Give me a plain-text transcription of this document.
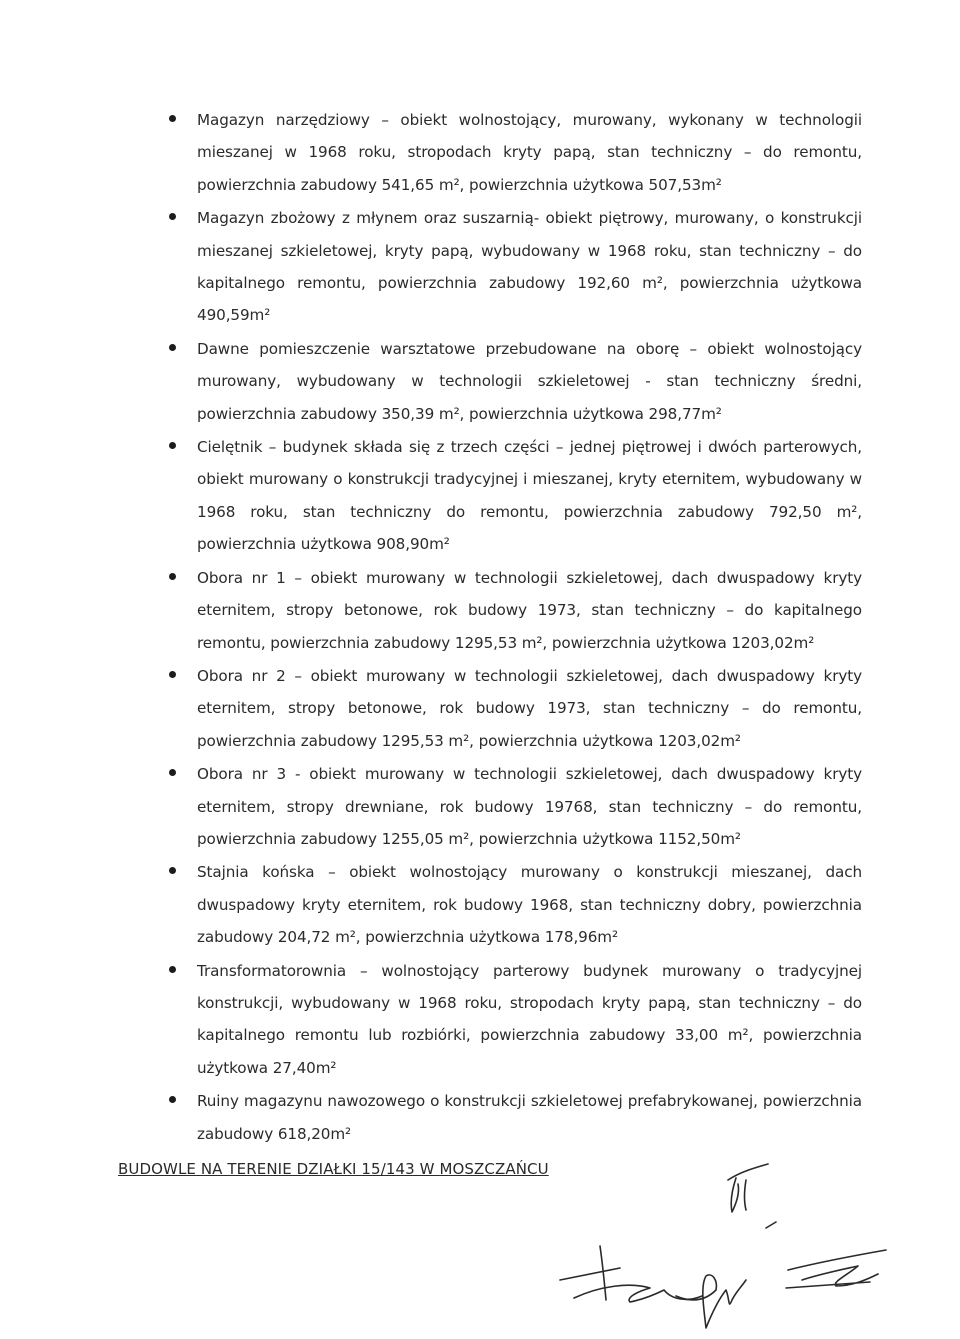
Magazyn narzędziowy – obiekt wolnostojący, murowany, wykonany w technologii mieszanej w 1968 roku, stropodach kryty papą, stan techniczny – do remontu, powierzchnia zabudowy 541,65 m², powierzchnia użytkowa 507,53m²
Magazyn zbożowy z młynem oraz suszarnią- obiekt piętrowy, murowany, o konstrukcji mieszanej szkieletowej, kryty papą, wybudowany w 1968 roku, stan techniczny – do kapitalnego remontu, powierzchnia zabudowy 192,60 m², powierzchnia użytkowa 490,59m²
Dawne pomieszczenie warsztatowe przebudowane na oborę – obiekt wolnostojący murowany, wybudowany w technologii szkieletowej - stan techniczny średni, powierzchnia zabudowy 350,39 m², powierzchnia użytkowa 298,77m²
Cielętnik – budynek składa się z trzech części – jednej piętrowej i dwóch parterowych, obiekt murowany o konstrukcji tradycyjnej i mieszanej, kryty eternitem, wybudowany w 1968 roku, stan techniczny do remontu, powierzchnia zabudowy 792,50 m², powierzchnia użytkowa 908,90m²
Obora nr 1 – obiekt murowany w technologii szkieletowej, dach dwuspadowy kryty eternitem, stropy betonowe, rok budowy 1973, stan techniczny – do kapitalnego remontu, powierzchnia zabudowy 1295,53 m², powierzchnia użytkowa 1203,02m²
Obora nr 2 – obiekt murowany w technologii szkieletowej, dach dwuspadowy kryty eternitem, stropy betonowe, rok budowy 1973, stan techniczny – do remontu, powierzchnia zabudowy 1295,53 m², powierzchnia użytkowa 1203,02m²
Obora nr 3 - obiekt murowany w technologii szkieletowej, dach dwuspadowy kryty eternitem, stropy drewniane, rok budowy 19768, stan techniczny – do remontu, powierzchnia zabudowy 1255,05 m², powierzchnia użytkowa 1152,50m²
Stajnia końska – obiekt wolnostojący murowany o konstrukcji mieszanej, dach dwuspadowy kryty eternitem, rok budowy 1968, stan techniczny dobry, powierzchnia zabudowy 204,72 m², powierzchnia użytkowa 178,96m²
Transformatorownia – wolnostojący parterowy budynek murowany o tradycyjnej konstrukcji, wybudowany w 1968 roku, stropodach kryty papą, stan techniczny – do kapitalnego remontu lub rozbiórki, powierzchnia zabudowy 33,00 m², powierzchnia użytkowa 27,40m²
Ruiny magazynu nawozowego o konstrukcji szkieletowej prefabrykowanej, powierzchnia zabudowy 618,20m²
BUDOWLE NA TERENIE DZIAŁKI 15/143 W MOSZCZAŃCU
